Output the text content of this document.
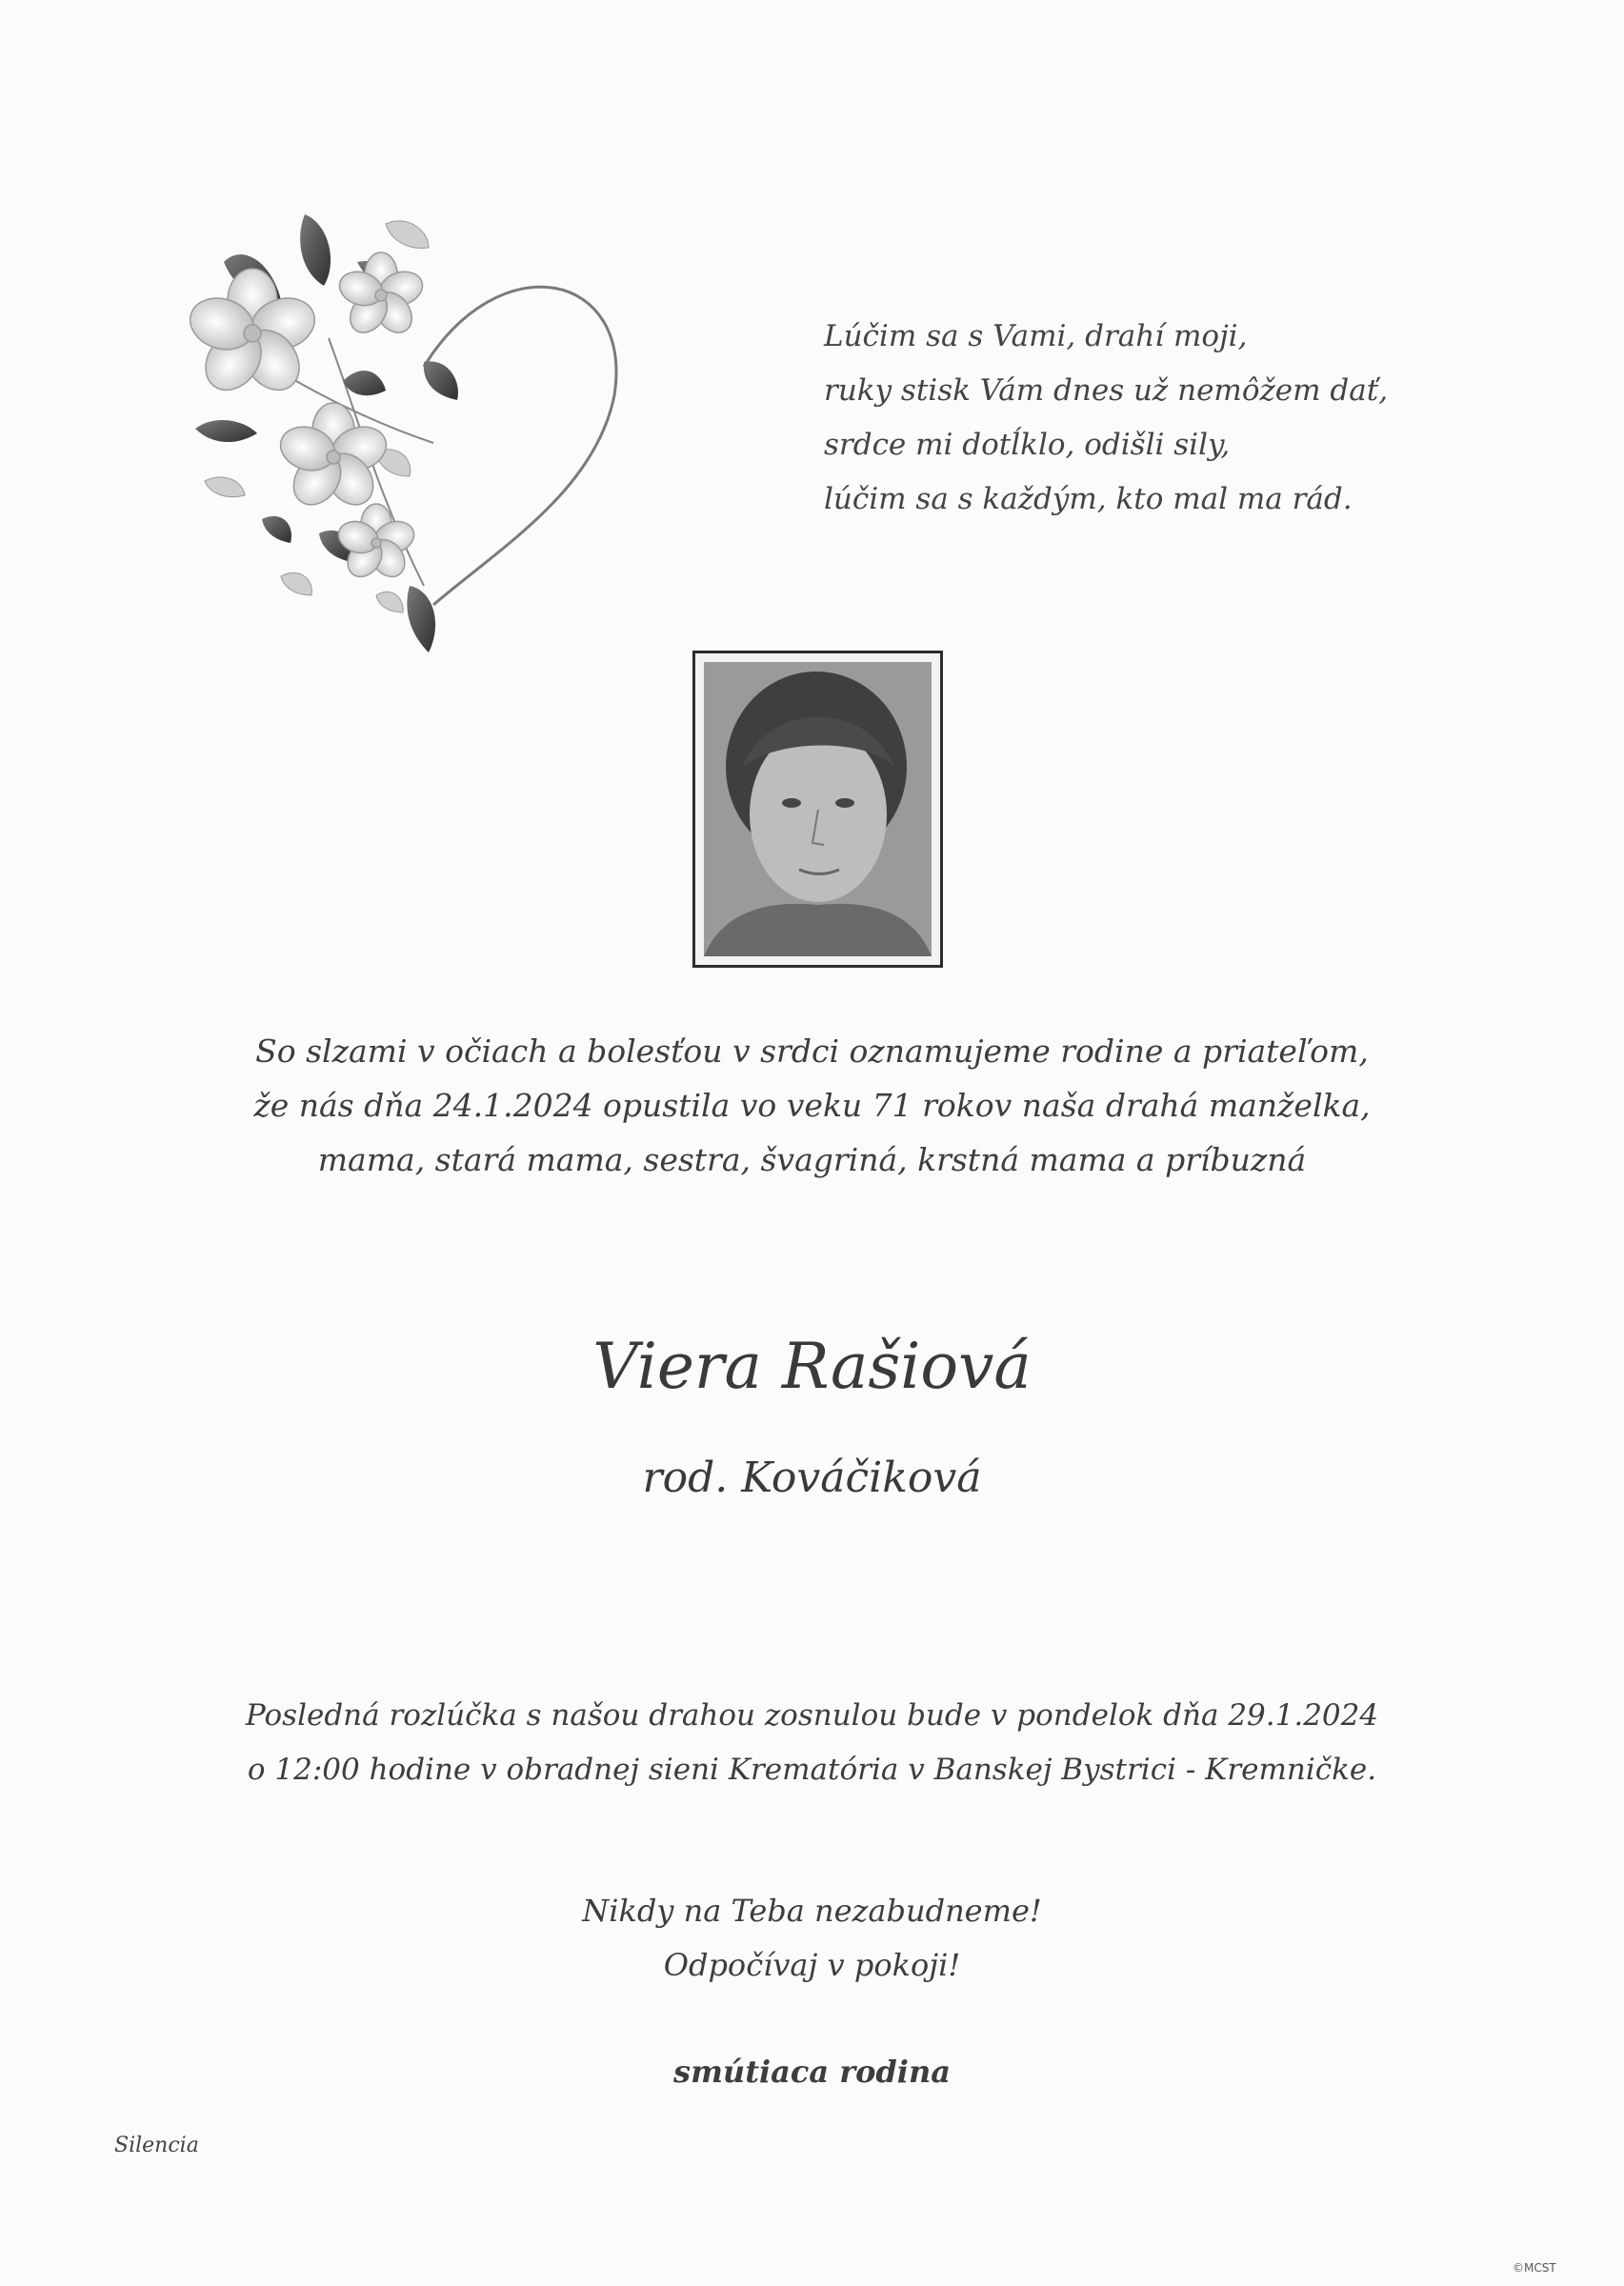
Lúčim sa s Vami, drahí moji,
ruky stisk Vám dnes už nemôžem dať,
srdce mi dotĺklo, odišli sily,
lúčim sa s každým, kto mal ma rád.
So slzami v očiach a bolesťou v srdci oznamujeme rodine a priateľom,
že nás dňa 24.1.2024 opustila vo veku 71 rokov naša drahá manželka,
mama, stará mama, sestra, švagriná, krstná mama a príbuzná
Viera Rašiová
rod. Kováčiková
Posledná rozlúčka s našou drahou zosnulou bude v pondelok dňa 29.1.2024
o 12:00 hodine v obradnej sieni Krematória v Banskej Bystrici - Kremničke.
Nikdy na Teba nezabudneme!
Odpočívaj v pokoji!
smútiaca rodina
Silencia
©MCST
